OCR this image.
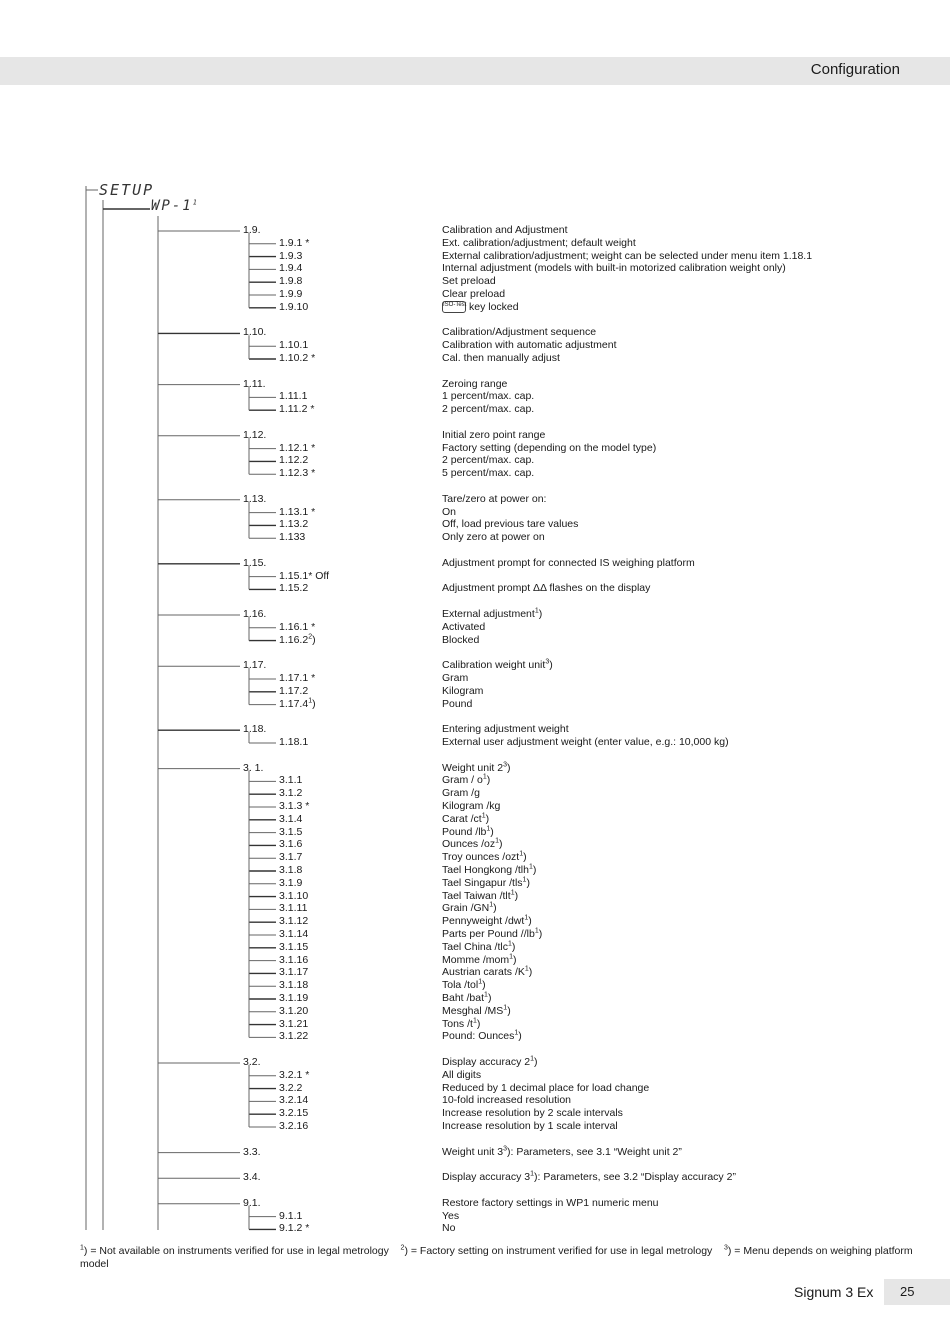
Configuration
SETUP
$WP-1^1$
1.9.	Calibration and Adjustment
1.9.1 *	Ext. calibration/adjustment; default weight
1.9.3	External calibration/adjustment; weight can be selected under menu item 1.18.1
1.9.4	Internal adjustment (models with built-in motorized calibration weight only)
1.9.8	Set preload
1.9.9	Clear preload
1.9.10	ISO-Test key locked
1.10.	Calibration/Adjustment sequence
1.10.1	Calibration with automatic adjustment
1.10.2 *	Cal. then manually adjust
1.11.	Zeroing range
1.11.1	1 percent/max. cap.
1.11.2 *	2 percent/max. cap.
1.12.	Initial zero point range
1.12.1 *	Factory setting (depending on the model type)
1.12.2	2 percent/max. cap.
1.12.3 *	5 percent/max. cap.
1.13.	Tare/zero at power on:
1.13.1 *	On
1.13.2	Off, load previous tare values
1.133	Only zero at power on
1.15.	Adjustment prompt for connected IS weighing platform
1.15.1* Off
1.15.2	Adjustment prompt ΔΔ flashes on the display
1.16.	External adjustment$^1$)
1.16.1 *	Activated
1.16.2$^2$)	Blocked
1.17.	Calibration weight unit$^3$)
1.17.1 *	Gram
1.17.2	Kilogram
1.17.4$^1$)	Pound
1.18.	Entering adjustment weight
1.18.1	External user adjustment weight (enter value, e.g.: 10,000 kg)
3. 1.	Weight unit $2^3$)
3.1.1	Gram / $o^1$)
3.1.2	Gram /g
3.1.3 *	Kilogram /kg
3.1.4	Carat $/ct^1$)
3.1.5	Pound $/lb^1$)
3.1.6	Ounces $/oz^1$)
3.1.7	Troy ounces /ozt$^1$)
3.1.8	Tael Hongkong /tlh$^1$)
3.1.9	Tael Singapur /tls$^1$)
3.1.10	Tael Taiwan /tlt$^1$)
3.1.11	Grain $/GN^1$)
3.1.12	Pennyweight /dwt$^1$)
3.1.14	Parts per Pound $//lb^1$)
3.1.15	Tael China /tlc$^1$)
3.1.16	Momme /mom$^1$)
3.1.17	Austrian carats $/K^1$)
3.1.18	Tola /tol$^1$)
3.1.19	Baht /bat$^1$)
3.1.20	Mesghal $/MS^1$)
3.1.21	Tons $/t^1$)
3.1.22	Pound: Ounces$^1$)
3.2.	Display accuracy $2^1$)
3.2.1 *	All digits
3.2.2	Reduced by 1 decimal place for load change
3.2.14	10-fold increased resolution
3.2.15	Increase resolution by 2 scale intervals
3.2.16	Increase resolution by 1 scale interval
3.3.	Weight unit $3^3$): Parameters, see 3.1 “Weight unit 2”
3.4.	Display accuracy $3^1$): Parameters, see 3.2 “Display accuracy 2”
9.1.	Restore factory settings in WP1 numeric menu
9.1.1	Yes
9.1.2 *	No
$^1$) = Not available on instruments verified for use in legal metrology $^2$) = Factory setting on instrument verified for use in legal metrology $^3$) = Menu depends on weighing platform model
Signum 3 Ex	25
